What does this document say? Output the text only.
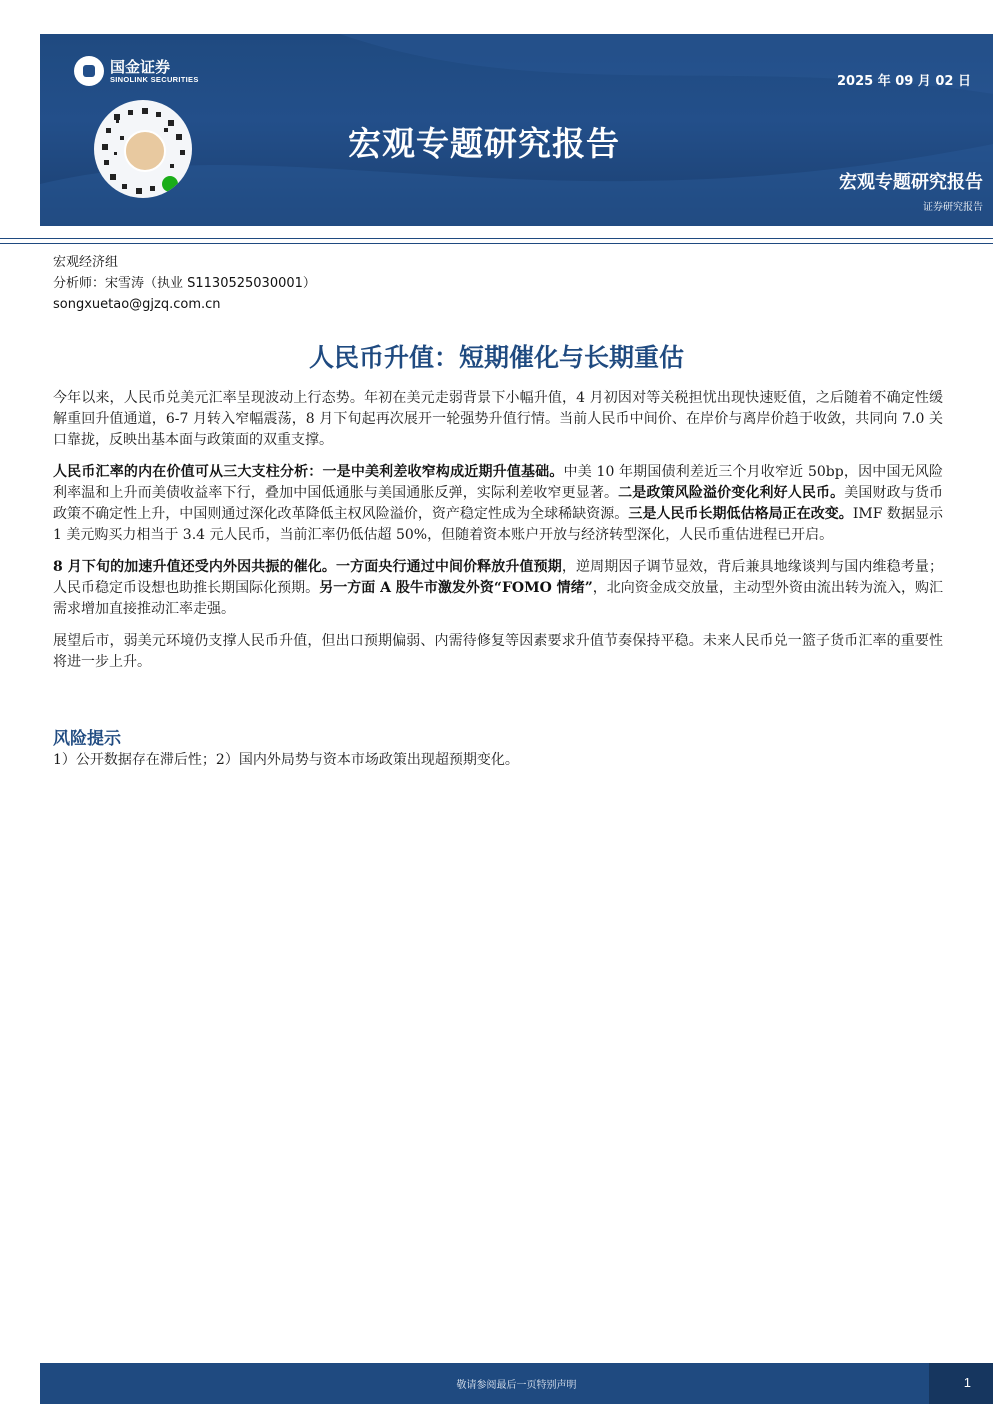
国金证券
SINOLINK SECURITIES	2025 年 09 月 02 日
宏观专题研究报告
宏观专题研究报告
证券研究报告
宏观经济组
分析师：宋雪涛（执业 S1130525030001）
songxuetao@gjzq.com.cn
人民币升值：短期催化与长期重估

今年以来，人民币兑美元汇率呈现波动上行态势。年初在美元走弱背景下小幅升值，4 月初因对等关税担忧出现快速贬值，之后随着不确定性缓解重回升值通道，6-7 月转入窄幅震荡，8 月下旬起再次展开一轮强势升值行情。当前人民币中间价、在岸价与离岸价趋于收敛，共同向 7.0 关口靠拢，反映出基本面与政策面的双重支撑。

人民币汇率的内在价值可从三大支柱分析：一是中美利差收窄构成近期升值基础。中美 10 年期国债利差近三个月收窄近 50bp，因中国无风险利率温和上升而美债收益率下行，叠加中国低通胀与美国通胀反弹，实际利差收窄更显著。二是政策风险溢价变化利好人民币。美国财政与货币政策不确定性上升，中国则通过深化改革降低主权风险溢价，资产稳定性成为全球稀缺资源。三是人民币长期低估格局正在改变。IMF 数据显示 1 美元购买力相当于 3.4 元人民币，当前汇率仍低估超 50%，但随着资本账户开放与经济转型深化，人民币重估进程已开启。

8 月下旬的加速升值还受内外因共振的催化。一方面央行通过中间价释放升值预期，逆周期因子调节显效，背后兼具地缘谈判与国内维稳考量；人民币稳定币设想也助推长期国际化预期。另一方面 A 股牛市激发外资“FOMO 情绪”，北向资金成交放量，主动型外资由流出转为流入，购汇需求增加直接推动汇率走强。

展望后市，弱美元环境仍支撑人民币升值，但出口预期偏弱、内需待修复等因素要求升值节奏保持平稳。未来人民币兑一篮子货币汇率的重要性将进一步上升。

风险提示
1）公开数据存在滞后性；2）国内外局势与资本市场政策出现超预期变化。
敬请参阅最后一页特别声明	1
